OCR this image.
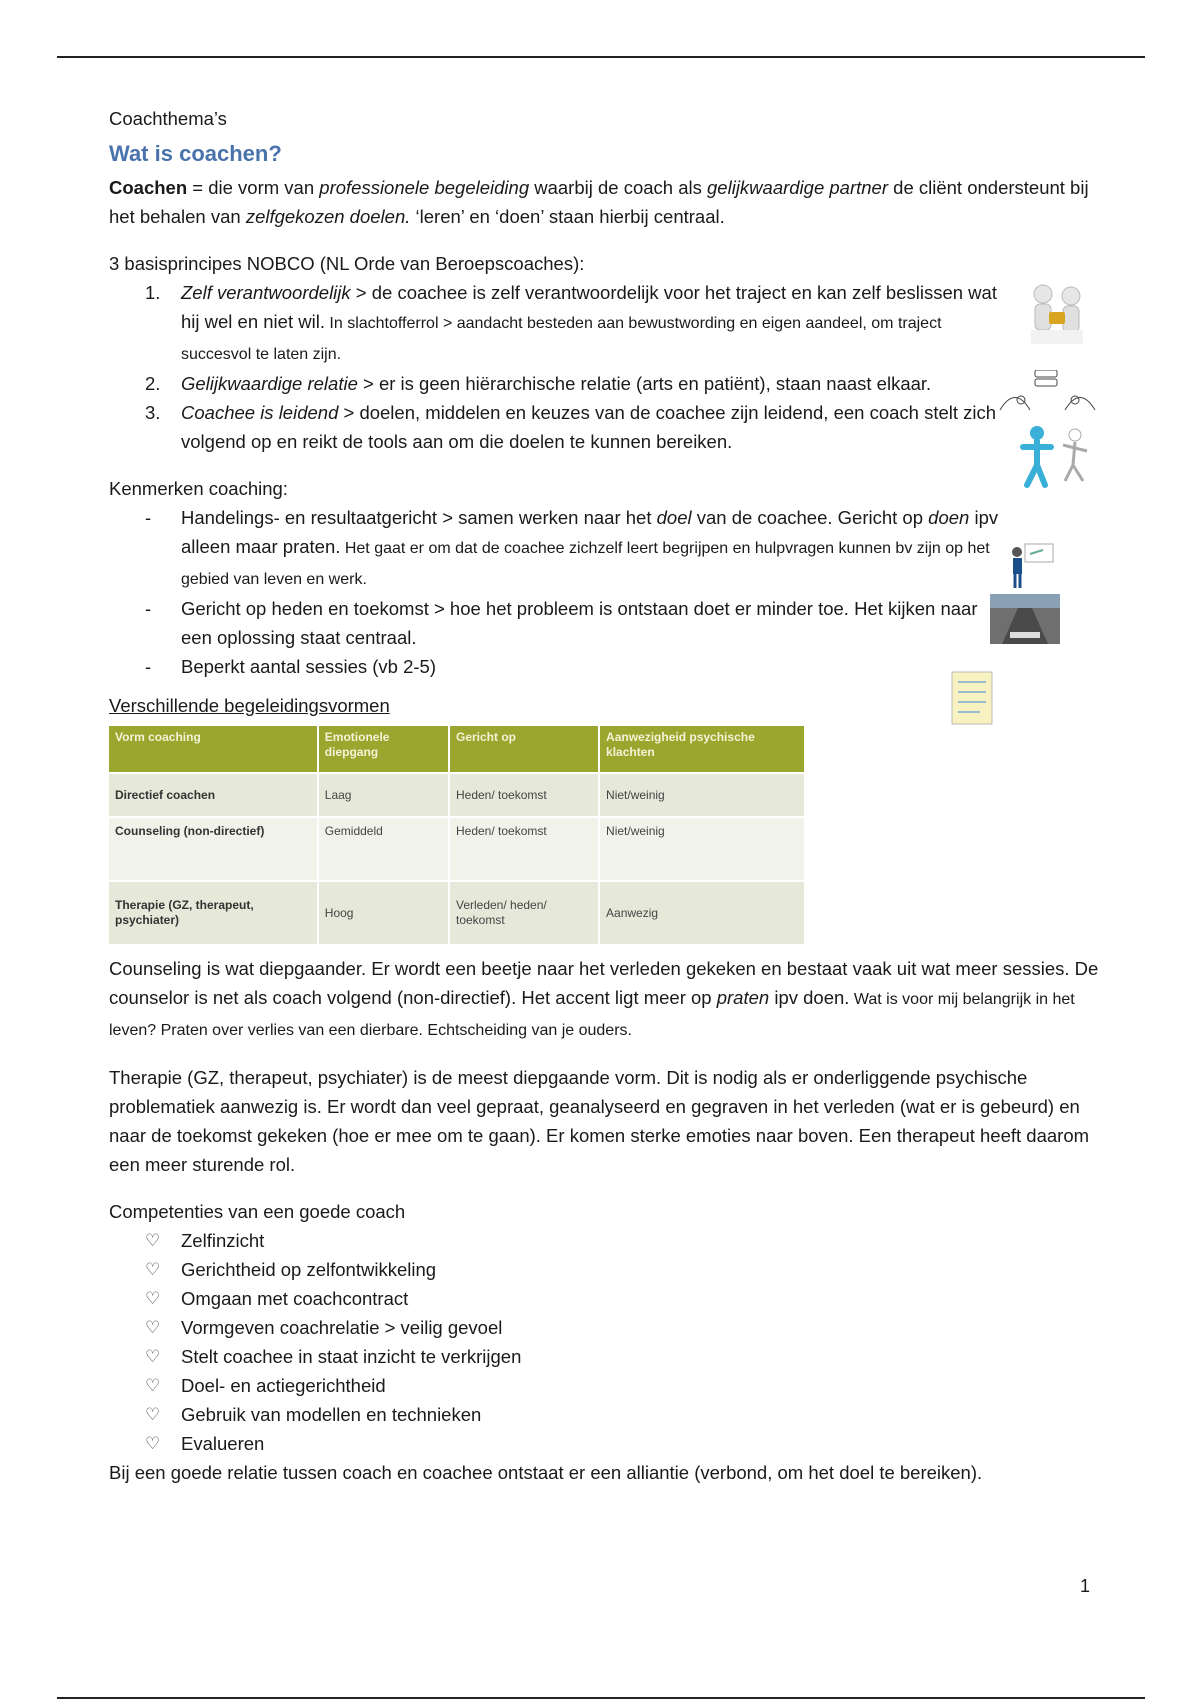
Coachthema’s

Wat is coachen?

Coachen = die vorm van professionele begeleiding waarbij de coach als gelijkwaardige partner de cliënt ondersteunt bij het behalen van zelfgekozen doelen. ‘leren’ en ‘doen’ staan hierbij centraal.

3 basisprincipes NOBCO (NL Orde van Beroepscoaches):

1. Zelf verantwoordelijk > de coachee is zelf verantwoordelijk voor het traject en kan zelf beslissen wat hij wel en niet wil. In slachtofferrol > aandacht besteden aan bewustwording en eigen aandeel, om traject succesvol te laten zijn.
2. Gelijkwaardige relatie > er is geen hiërarchische relatie (arts en patiënt), staan naast elkaar.
3. Coachee is leidend > doelen, middelen en keuzes van de coachee zijn leidend, een coach stelt zich volgend op en reikt de tools aan om die doelen te kunnen bereiken.

Kenmerken coaching:

- Handelings- en resultaatgericht > samen werken naar het doel van de coachee. Gericht op doen ipv alleen maar praten. Het gaat er om dat de coachee zichzelf leert begrijpen en hulpvragen kunnen bv zijn op het gebied van leven en werk.
- Gericht op heden en toekomst > hoe het probleem is ontstaan doet er minder toe. Het kijken naar een oplossing staat centraal.
- Beperkt aantal sessies (vb 2-5)

Verschillende begeleidingsvormen

Vorm coaching	Emotionele diepgang	Gericht op	Aanwezigheid psychische klachten
Directief coachen	Laag	Heden/ toekomst	Niet/weinig
Counseling (non-directief)	Gemiddeld	Heden/ toekomst	Niet/weinig
Therapie (GZ, therapeut, psychiater)	Hoog	Verleden/ heden/ toekomst	Aanwezig

Counseling is wat diepgaander. Er wordt een beetje naar het verleden gekeken en bestaat vaak uit wat meer sessies. De counselor is net als coach volgend (non-directief). Het accent ligt meer op praten ipv doen. Wat is voor mij belangrijk in het leven? Praten over verlies van een dierbare. Echtscheiding van je ouders.

Therapie (GZ, therapeut, psychiater) is de meest diepgaande vorm. Dit is nodig als er onderliggende psychische problematiek aanwezig is. Er wordt dan veel gepraat, geanalyseerd en gegraven in het verleden (wat er is gebeurd) en naar de toekomst gekeken (hoe er mee om te gaan). Er komen sterke emoties naar boven. Een therapeut heeft daarom een meer sturende rol.

Competenties van een goede coach

♡ Zelfinzicht
♡ Gerichtheid op zelfontwikkeling
♡ Omgaan met coachcontract
♡ Vormgeven coachrelatie > veilig gevoel
♡ Stelt coachee in staat inzicht te verkrijgen
♡ Doel- en actiegerichtheid
♡ Gebruik van modellen en technieken
♡ Evalueren

Bij een goede relatie tussen coach en coachee ontstaat er een alliantie (verbond, om het doel te bereiken).

1
